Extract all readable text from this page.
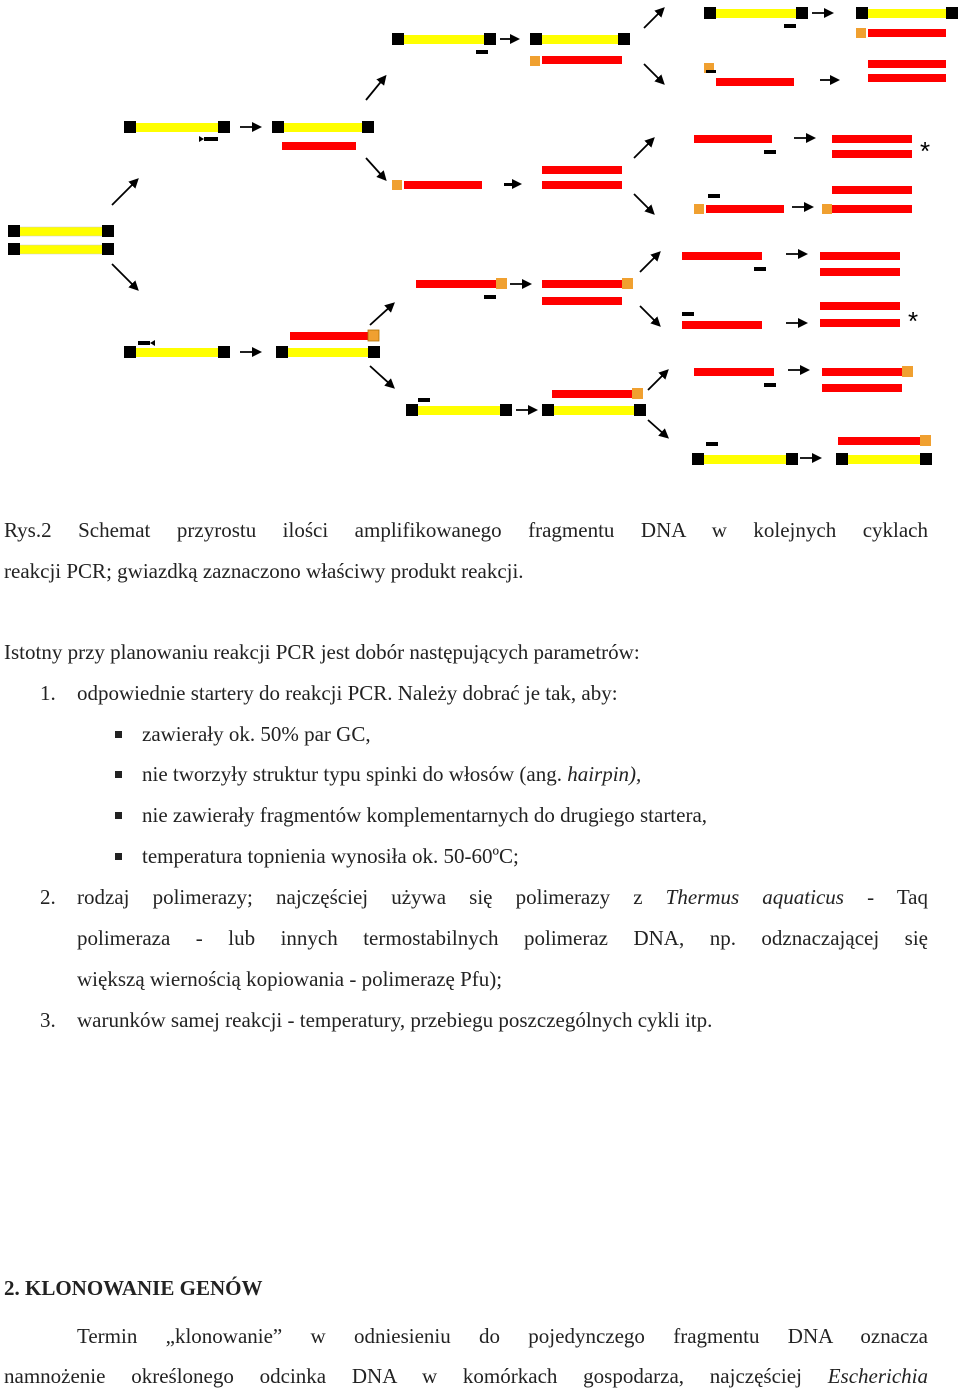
*
*
Rys.2 Schemat przyrostu ilości amplifikowanego fragmentu DNA w kolejnych cyklach
reakcji PCR; gwiazdką zaznaczono właściwy produkt reakcji.
Istotny przy planowaniu reakcji PCR jest dobór następujących parametrów:
1. odpowiednie startery do reakcji PCR. Należy dobrać je tak, aby:
zawierały ok. 50% par GC,
nie tworzyły struktur typu spinki do włosów (ang. hairpin),
nie zawierały fragmentów komplementarnych do drugiego startera,
temperatura topnienia wynosiła ok. 50-60ºC;
2. rodzaj polimerazy; najczęściej używa się polimerazy z Thermus aquaticus - Taq
polimeraza - lub innych termostabilnych polimeraz DNA, np. odznaczającej się
większą wiernością kopiowania - polimerazę Pfu);
3. warunków samej reakcji - temperatury, przebiegu poszczególnych cykli itp.
2. KLONOWANIE GENÓW
Termin „klonowanie” w odniesieniu do pojedynczego fragmentu DNA oznacza
namnożenie określonego odcinka DNA w komórkach gospodarza, najczęściej Escherichia
